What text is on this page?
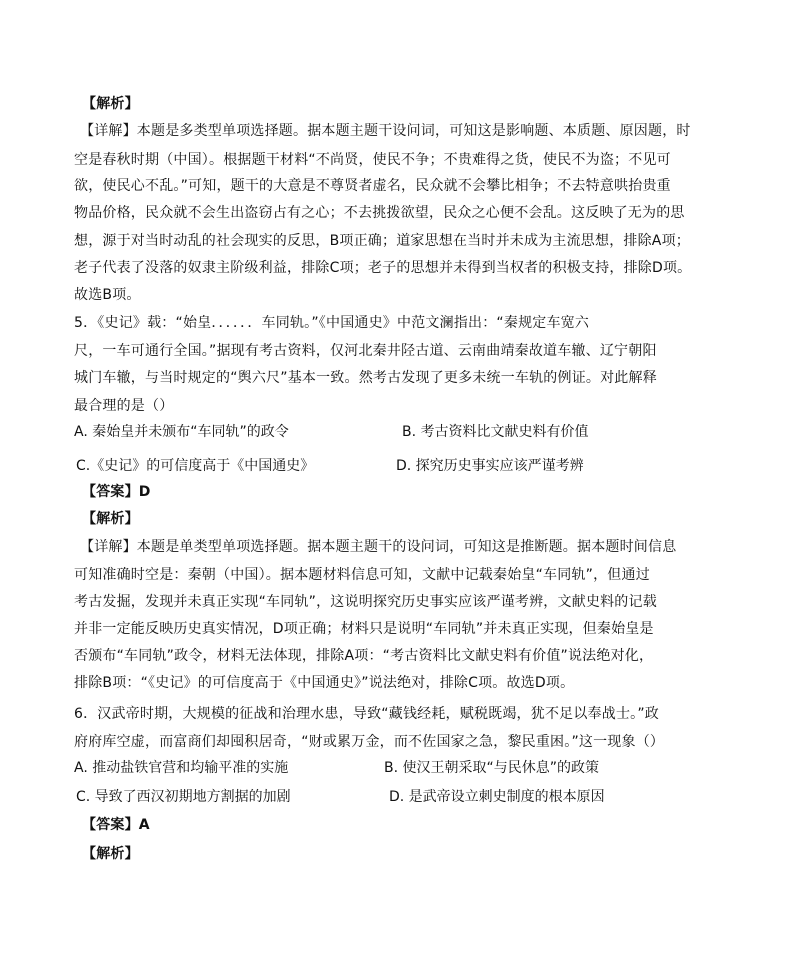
【解析】
【详解】本题是多类型单项选择题。据本题主题干设问词，可知这是影响题、本质题、原因题，时
空是春秋时期（中国）。根据题干材料“不尚贤，使民不争；不贵难得之货，使民不为盗；不见可
欲，使民心不乱。”可知，题干的大意是不尊贤者虚名，民众就不会攀比相争；不去特意哄抬贵重
物品价格，民众就不会生出盗窃占有之心；不去挑拨欲望，民众之心便不会乱。这反映了无为的思
想，源于对当时动乱的社会现实的反思，B项正确；道家思想在当时并未成为主流思想，排除A项；
老子代表了没落的奴隶主阶级利益，排除C项；老子的思想并未得到当权者的积极支持，排除D项。
故选B项。
5．《史记》载：“始皇．．．．．．车同轨。”《中国通史》中范文澜指出：“秦规定车宽六
尺，一车可通行全国。”据现有考古资料，仅河北秦井陉古道、云南曲靖秦故道车辙、辽宁朝阳
城门车辙，与当时规定的“舆六尺”基本一致。然考古发现了更多未统一车轨的例证。对此解释
最合理的是（）
A. 秦始皇并未颁布“车同轨”的政令	B. 考古资料比文献史料有价值
C.《史记》的可信度高于《中国通史》	D. 探究历史事实应该严谨考辨
【答案】D
【解析】
【详解】本题是单类型单项选择题。据本题主题干的设问词，可知这是推断题。据本题时间信息
可知准确时空是：秦朝（中国）。据本题材料信息可知，文献中记载秦始皇“车同轨”，但通过
考古发掘，发现并未真正实现“车同轨”，这说明探究历史事实应该严谨考辨，文献史料的记载
并非一定能反映历史真实情况，D项正确；材料只是说明“车同轨”并未真正实现，但秦始皇是
否颁布“车同轨”政令，材料无法体现，排除A项：“考古资料比文献史料有价值”说法绝对化，
排除B项：“《史记》的可信度高于《中国通史》”说法绝对，排除C项。故选D项。
6．汉武帝时期，大规模的征战和治理水患，导致“藏钱经耗，赋税既竭，犹不足以奉战士。”政
府府库空虚，而富商们却囤积居奇，“财或累万金，而不佐国家之急，黎民重困。”这一现象（）
A. 推动盐铁官营和均输平准的实施	B. 使汉王朝采取“与民休息”的政策
C. 导致了西汉初期地方割据的加剧	D. 是武帝设立刺史制度的根本原因
【答案】A
【解析】
